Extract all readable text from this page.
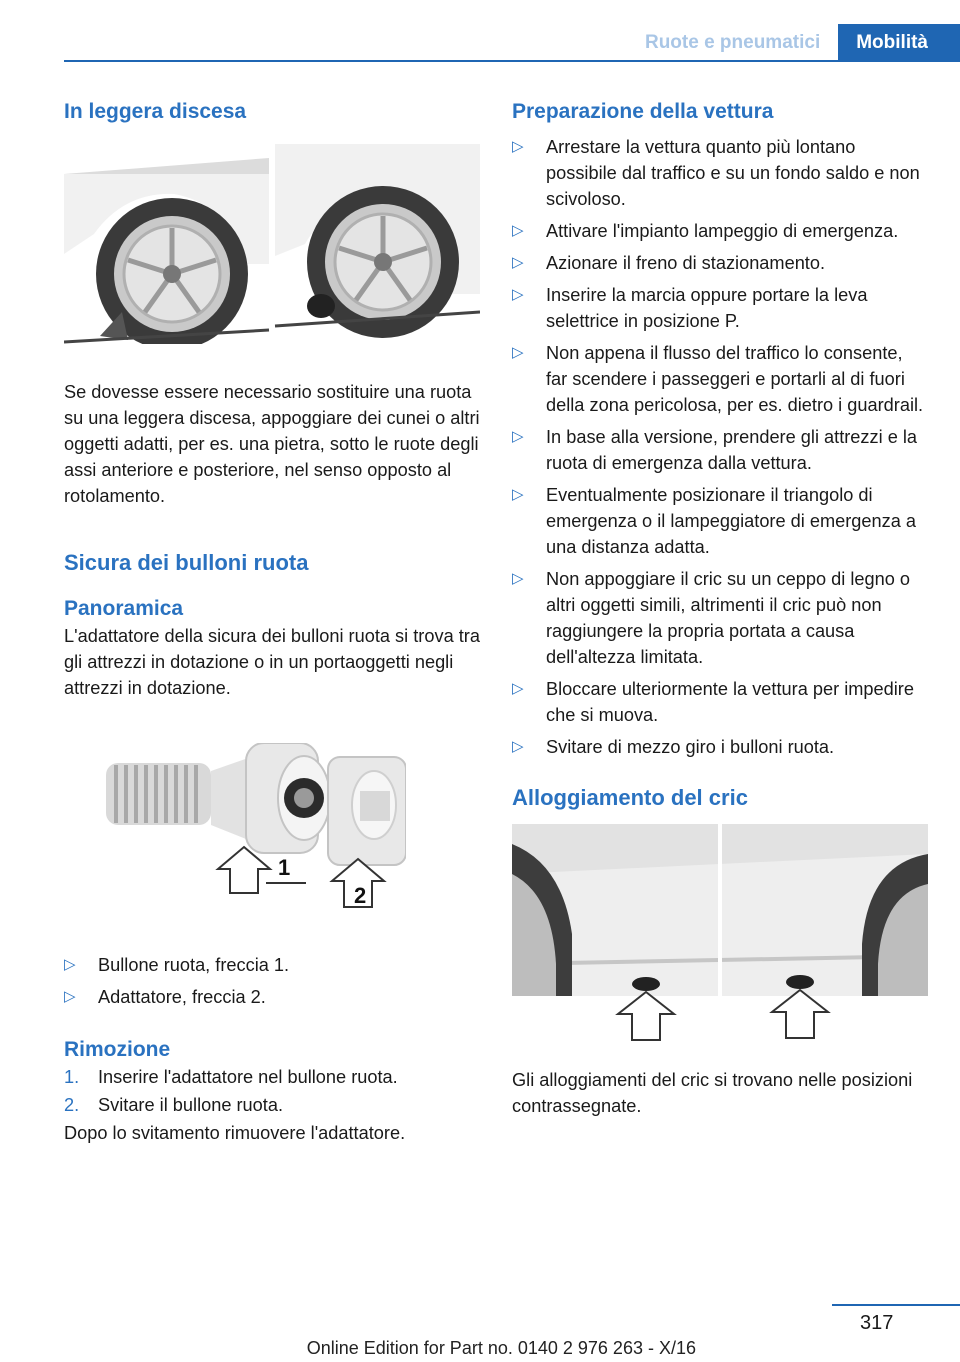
Ruote e pneumatici	Mobilità
In leggera discesa

Se dovesse essere necessario sostituire una ruota su una leggera discesa, appoggiare dei cunei o altri oggetti adatti, per es. una pietra, sotto le ruote degli assi anteriore e posteriore, nel senso opposto al rotolamento.

Sicura dei bulloni ruota
Panoramica

L'adattatore della sicura dei bulloni ruota si trova tra gli attrezzi in dotazione o in un portaoggetti negli attrezzi in dotazione.

1
2
▷ Bullone ruota, freccia 1.
▷ Adattatore, freccia 2.
Rimozione
1. Inserire l'adattatore nel bullone ruota.
2. Svitare il bullone ruota.

Dopo lo svitamento rimuovere l'adattatore.

Preparazione della vettura
▷ Arrestare la vettura quanto più lontano possibile dal traffico e su un fondo saldo e non scivoloso.
▷ Attivare l'impianto lampeggio di emergenza.
▷ Azionare il freno di stazionamento.
▷ Inserire la marcia oppure portare la leva selettrice in posizione P.
▷ Non appena il flusso del traffico lo consente, far scendere i passeggeri e portarli al di fuori della zona pericolosa, per es. dietro i guardrail.
▷ In base alla versione, prendere gli attrezzi e la ruota di emergenza dalla vettura.
▷ Eventualmente posizionare il triangolo di emergenza o il lampeggiatore di emergenza a una distanza adatta.
▷ Non appoggiare il cric su un ceppo di legno o altri oggetti simili, altrimenti il cric può non raggiungere la propria portata a causa dell'altezza limitata.
▷ Bloccare ulteriormente la vettura per impedire che si muova.
▷ Svitare di mezzo giro i bulloni ruota.
Alloggiamento del cric

Gli alloggiamenti del cric si trovano nelle posizioni contrassegnate.

317
Online Edition for Part no. 0140 2 976 263 - X/16
